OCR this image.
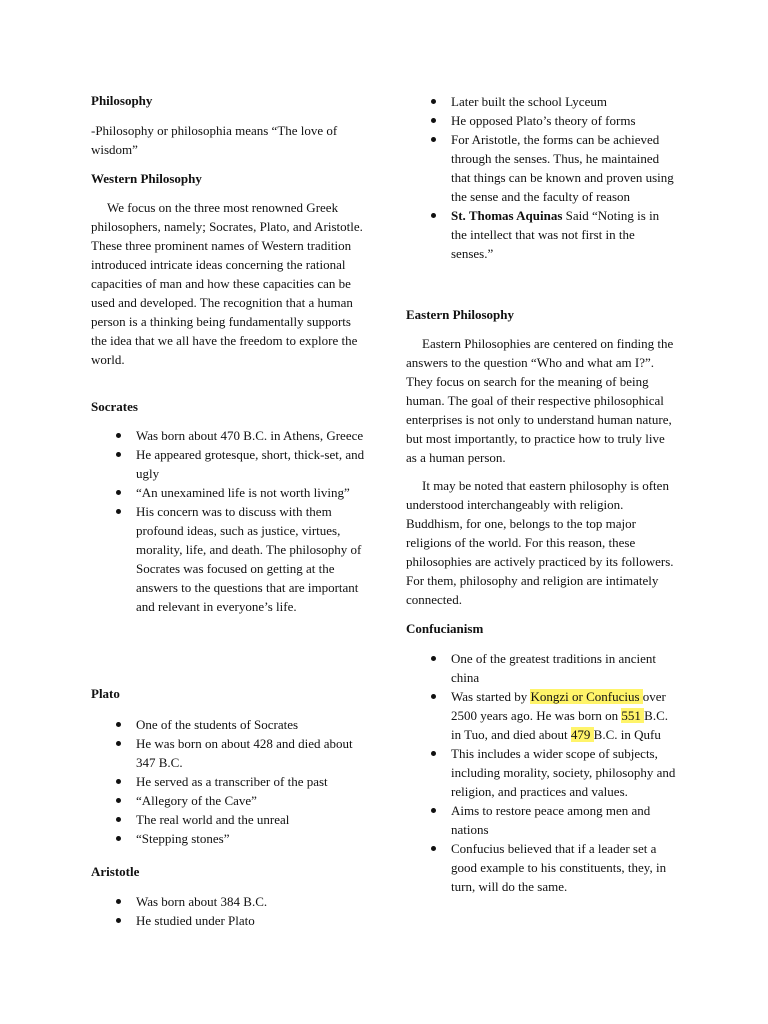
Philosophy

-Philosophy or philosophia means “The love of wisdom”

Western Philosophy

We focus on the three most renowned Greek philosophers, namely; Socrates, Plato, and Aristotle. These three prominent names of Western tradition introduced intricate ideas concerning the rational capacities of man and how these capacities can be used and developed. The recognition that a human person is a thinking being fundamentally supports the idea that we all have the freedom to explore the world.

Socrates
Was born about 470 B.C. in Athens, Greece
He appeared grotesque, short, thick-set, and ugly
“An unexamined life is not worth living”
His concern was to discuss with them profound ideas, such as justice, virtues, morality, life, and death. The philosophy of Socrates was focused on getting at the answers to the questions that are important and relevant in everyone’s life.
Plato
One of the students of Socrates
He was born on about 428 and died about 347 B.C.
He served as a transcriber of the past
“Allegory of the Cave”
The real world and the unreal
“Stepping stones”
Aristotle
Was born about 384 B.C.
He studied under Plato
Later built the school Lyceum
He opposed Plato’s theory of forms
For Aristotle, the forms can be achieved through the senses. Thus, he maintained that things can be known and proven using the sense and the faculty of reason
St. Thomas Aquinas Said “Noting is in the intellect that was not first in the senses.”
Eastern Philosophy

Eastern Philosophies are centered on finding the answers to the question “Who and what am I?”. They focus on search for the meaning of being human. The goal of their respective philosophical enterprises is not only to understand human nature, but most importantly, to practice how to truly live as a human person.

It may be noted that eastern philosophy is often understood interchangeably with religion. Buddhism, for one, belongs to the top major religions of the world. For this reason, these philosophies are actively practiced by its followers. For them, philosophy and religion are intimately connected.

Confucianism
One of the greatest traditions in ancient china
Was started by Kongzi or Confucius over 2500 years ago. He was born on 551 B.C. in Tuo, and died about 479 B.C. in Qufu
This includes a wider scope of subjects, including morality, society, philosophy and religion, and practices and values.
Aims to restore peace among men and nations
Confucius believed that if a leader set a good example to his constituents, they, in turn, will do the same.
